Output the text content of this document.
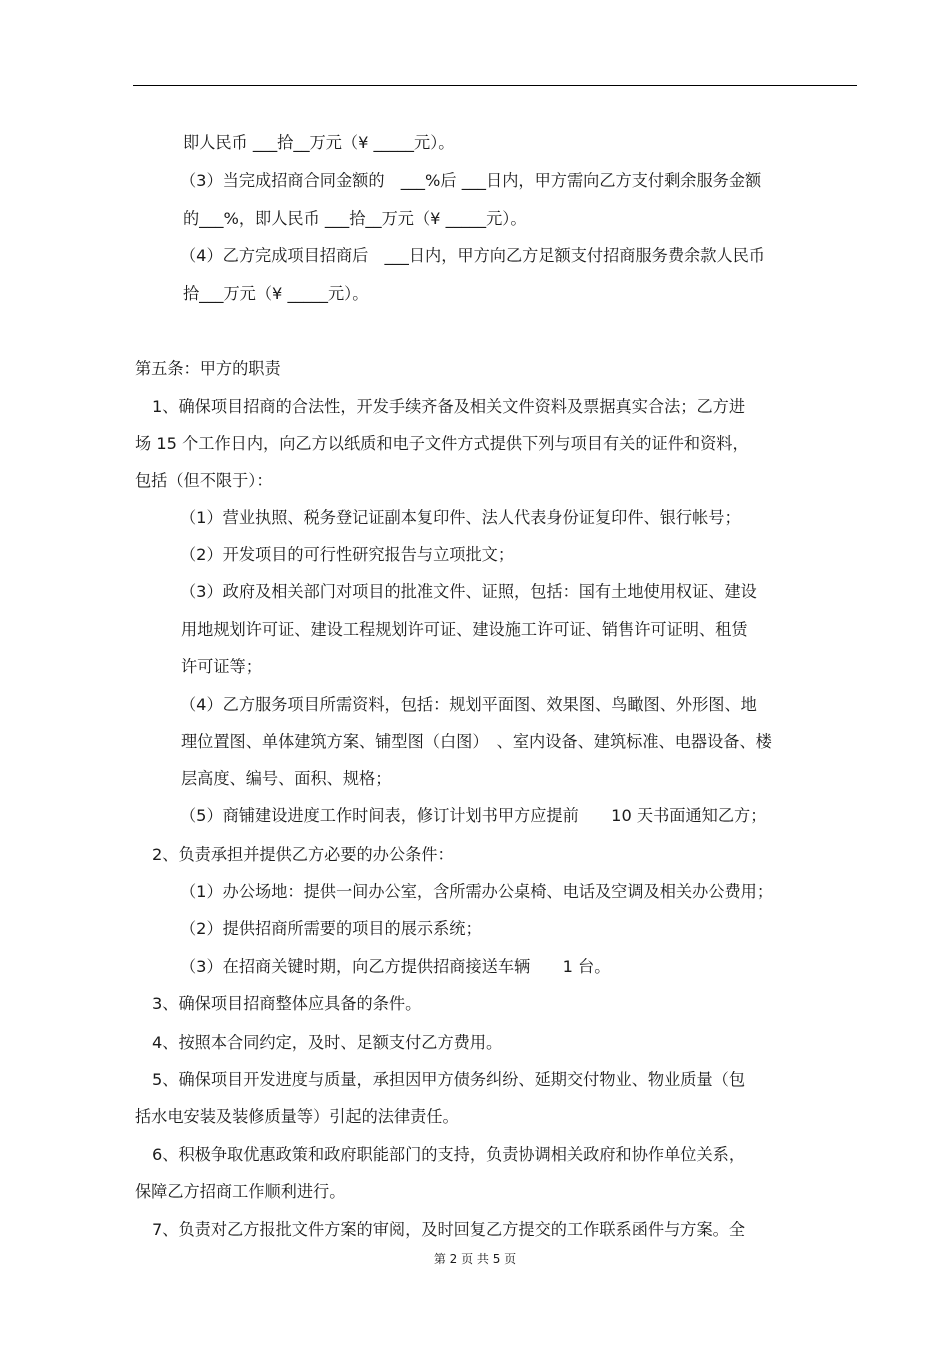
即人民币 ___拾__万元（¥ _____元）。
（3）当完成招商合同金额的　___%后 ___日内，甲方需向乙方支付剩余服务金额
的___%，即人民币 ___拾__万元（¥ _____元）。
（4）乙方完成项目招商后　___日内，甲方向乙方足额支付招商服务费余款人民币
拾___万元（¥ _____元）。
第五条：甲方的职责
1、确保项目招商的合法性，开发手续齐备及相关文件资料及票据真实合法；乙方进
场 15 个工作日内，向乙方以纸质和电子文件方式提供下列与项目有关的证件和资料，
包括（但不限于）：
（1）营业执照、税务登记证副本复印件、法人代表身份证复印件、银行帐号；
（2）开发项目的可行性研究报告与立项批文；
（3）政府及相关部门对项目的批准文件、证照，包括：国有土地使用权证、建设
用地规划许可证、建设工程规划许可证、建设施工许可证、销售许可证明、租赁
许可证等；
（4）乙方服务项目所需资料，包括：规划平面图、效果图、鸟瞰图、外形图、地
理位置图、单体建筑方案、铺型图（白图）　、室内设备、建筑标准、电器设备、楼
层高度、编号、面积、规格；
（5）商铺建设进度工作时间表，修订计划书甲方应提前　　10 天书面通知乙方；
2、负责承担并提供乙方必要的办公条件：
（1）办公场地：提供一间办公室，含所需办公桌椅、电话及空调及相关办公费用；
（2）提供招商所需要的项目的展示系统；
（3）在招商关键时期，向乙方提供招商接送车辆　　1 台。
3、确保项目招商整体应具备的条件。
4、按照本合同约定，及时、足额支付乙方费用。
5、确保项目开发进度与质量，承担因甲方债务纠纷、延期交付物业、物业质量（包
括水电安装及装修质量等）引起的法律责任。
6、积极争取优惠政策和政府职能部门的支持，负责协调相关政府和协作单位关系，
保障乙方招商工作顺利进行。
7、负责对乙方报批文件方案的审阅，及时回复乙方提交的工作联系函件与方案。全
第 2 页 共 5 页
